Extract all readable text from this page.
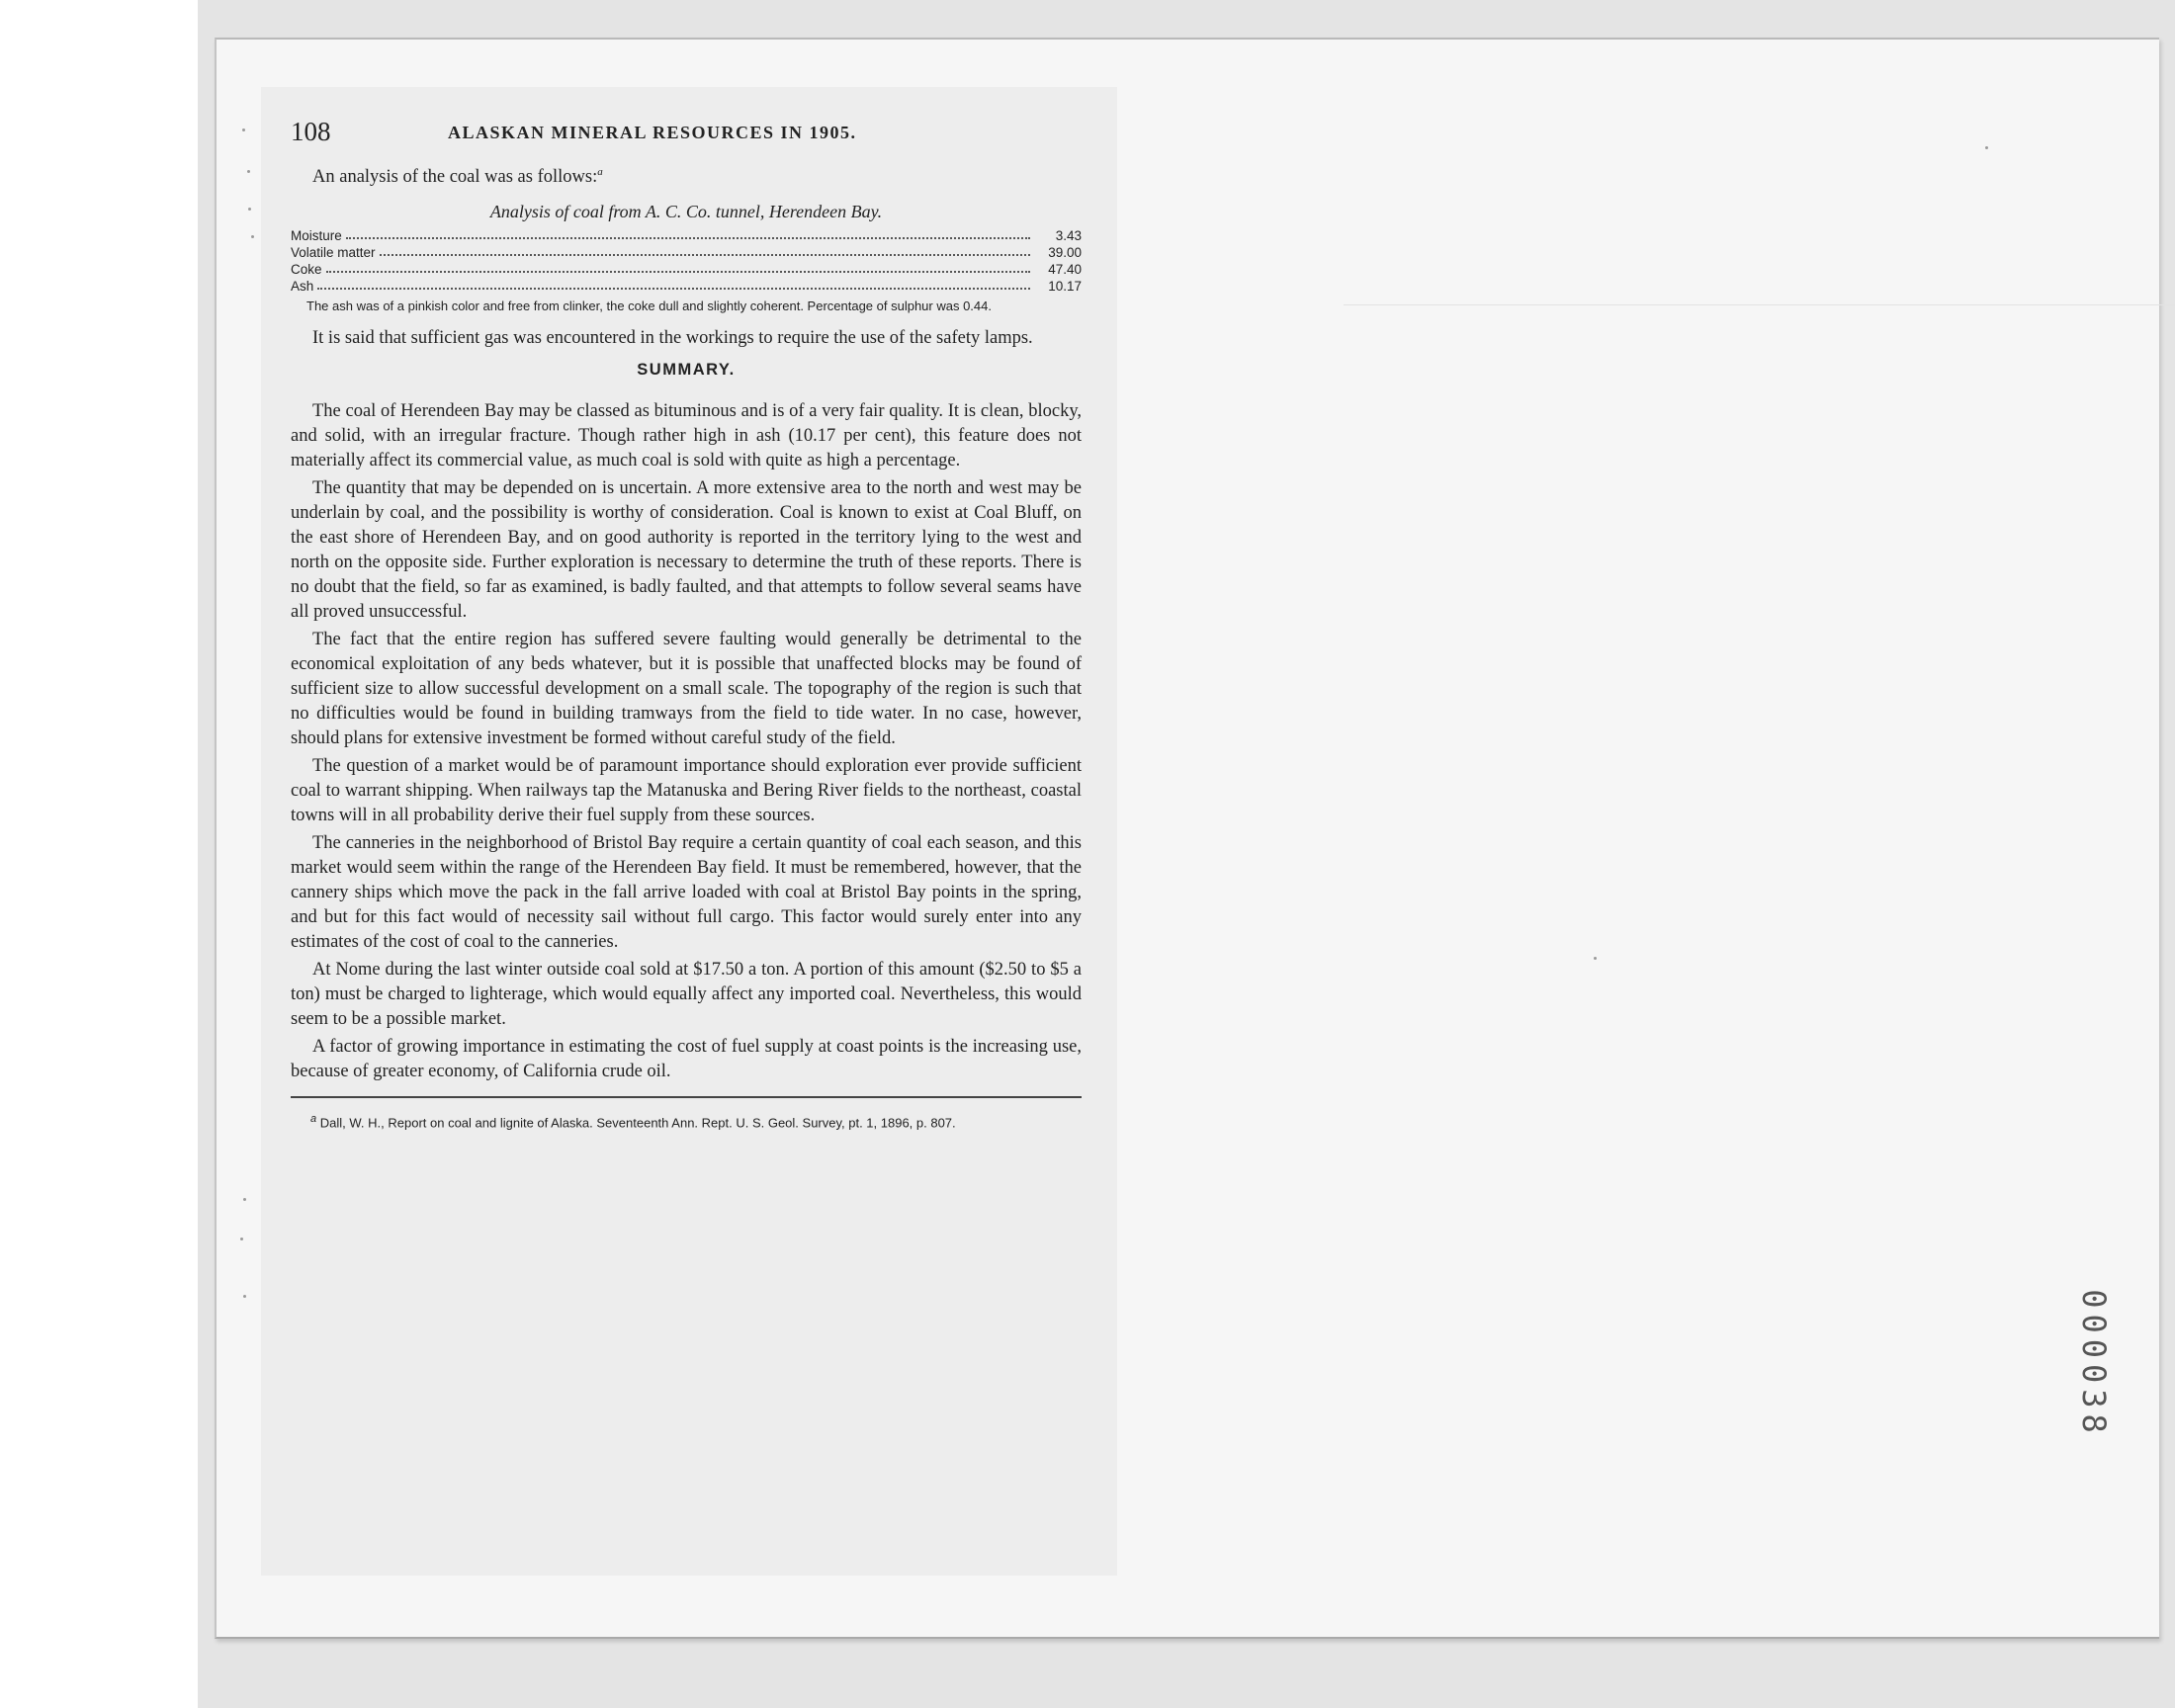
108	ALASKAN MINERAL RESOURCES IN 1905.

An analysis of the coal was as follows:$^a$

Analysis of coal from A. C. Co. tunnel, Herendeen Bay.
Moisture	3.43
Volatile matter	39.00
Coke	47.40
Ash	10.17

The ash was of a pinkish color and free from clinker, the coke dull and slightly coherent. Percentage of sulphur was 0.44.

It is said that sufficient gas was encountered in the workings to require the use of the safety lamps.

SUMMARY.

The coal of Herendeen Bay may be classed as bituminous and is of a very fair quality. It is clean, blocky, and solid, with an irregular fracture. Though rather high in ash (10.17 per cent), this feature does not materially affect its commercial value, as much coal is sold with quite as high a percentage.

The quantity that may be depended on is uncertain. A more extensive area to the north and west may be underlain by coal, and the possibility is worthy of consideration. Coal is known to exist at Coal Bluff, on the east shore of Herendeen Bay, and on good authority is reported in the territory lying to the west and north on the opposite side. Further exploration is necessary to determine the truth of these reports. There is no doubt that the field, so far as examined, is badly faulted, and that attempts to follow several seams have all proved unsuccessful.

The fact that the entire region has suffered severe faulting would generally be detrimental to the economical exploitation of any beds whatever, but it is possible that unaffected blocks may be found of sufficient size to allow successful development on a small scale. The topography of the region is such that no difficulties would be found in building tramways from the field to tide water. In no case, however, should plans for extensive investment be formed without careful study of the field.

The question of a market would be of paramount importance should exploration ever provide sufficient coal to warrant shipping. When railways tap the Matanuska and Bering River fields to the northeast, coastal towns will in all probability derive their fuel supply from these sources.

The canneries in the neighborhood of Bristol Bay require a certain quantity of coal each season, and this market would seem within the range of the Herendeen Bay field. It must be remembered, however, that the cannery ships which move the pack in the fall arrive loaded with coal at Bristol Bay points in the spring, and but for this fact would of necessity sail without full cargo. This factor would surely enter into any estimates of the cost of coal to the canneries.

At Nome during the last winter outside coal sold at $17.50 a ton. A portion of this amount ($2.50 to $5 a ton) must be charged to lighterage, which would equally affect any imported coal. Nevertheless, this would seem to be a possible market.

A factor of growing importance in estimating the cost of fuel supply at coast points is the increasing use, because of greater economy, of California crude oil.

$^a$ Dall, W. H., Report on coal and lignite of Alaska. Seventeenth Ann. Rept. U. S. Geol. Survey, pt. 1, 1896, p. 807.

000038
